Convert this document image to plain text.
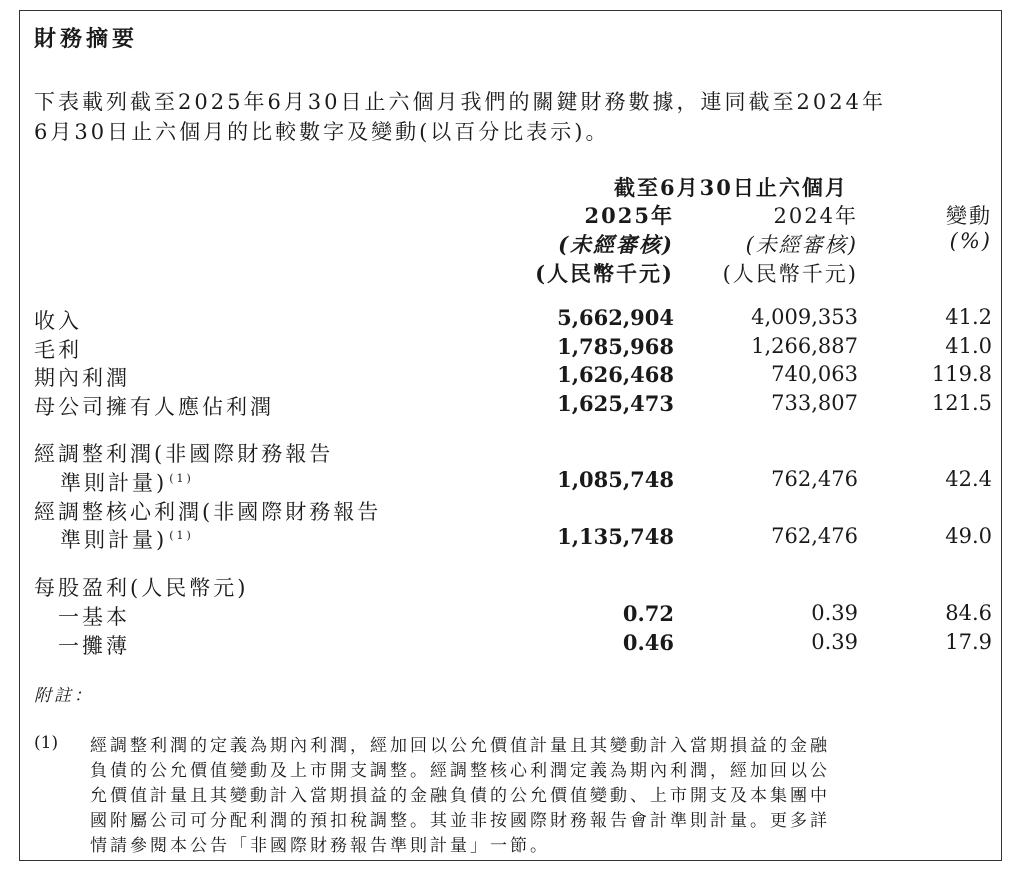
財務摘要
下表載列截至2025年6月30日止六個月我們的關鍵財務數據，連同截至2024年
6月30日止六個月的比較數字及變動(以百分比表示)。
截至6月30日止六個月
2025年	2024年	變動
(未經審核)	(未經審核)	(%)
(人民幣千元) (人民幣千元)
收入	5,662,904	4,009,353	41.2
毛利	1,785,968	1,266,887	41.0
期內利潤	1,626,468	740,063	119.8
母公司擁有人應佔利潤	1,625,473	733,807	121.5
經調整利潤(非國際財務報告
準則計量) $^{(1)}$	1,085,748	762,476	42.4
經調整核心利潤(非國際財務報告
準則計量) $^{(1)}$	1,135,748	762,476	49.0
每股盈利(人民幣元)
一基本	0.72	0.39	84.6
一攤薄	0.46	0.39	17.9
附註：
(1) 經調整利潤的定義為期內利潤，經加回以公允價值計量且其變動計入當期損益的金融
負債的公允價值變動及上市開支調整。經調整核心利潤定義為期內利潤，經加回以公
允價值計量且其變動計入當期損益的金融負債的公允價值變動、上市開支及本集團中
國附屬公司可分配利潤的預扣稅調整。其並非按國際財務報告會計準則計量。更多詳
情請參閱本公告「非國際財務報告準則計量」一節。
